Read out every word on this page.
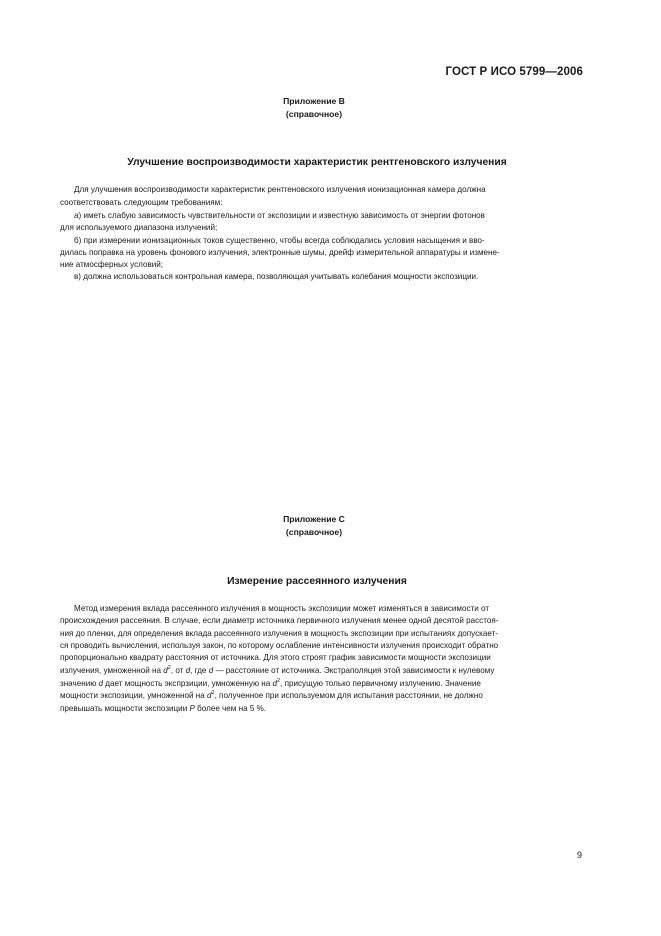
ГОСТ Р ИСО 5799—2006
Приложение В
(справочное)
Улучшение воспроизводимости характеристик рентгеновского излучения
Для улучшения воспроизводимости характеристик рентгеновского излучения ионизационная камера должна
соответствовать следующим требованиям:
а) иметь слабую зависимость чувствительности от экспозиции и известную зависимость от энергии фотонов
для используемого диапазона излучений;
б) при измерении ионизационных токов существенно, чтобы всегда соблюдались условия насыщения и вво-
дилась поправка на уровень фонового излучения, электронные шумы, дрейф измерительной аппаратуры и измене-
ние атмосферных условий;
в) должна использоваться контрольная камера, позволяющая учитывать колебания мощности экспозиции.
Приложение С
(справочное)
Измерение рассеянного излучения
Метод измерения вклада рассеянного излучения в мощность экспозиции может изменяться в зависимости от
происхождения рассеяния. В случае, если диаметр источника первичного излучения менее одной десятой расстоя-
ния до пленки, для определения вклада рассеянного излучения в мощность экспозиции при испытаниях допускает-
ся проводить вычисления, используя закон, по которому ослабление интенсивности излучения происходит обратно
пропорционально квадрату расстояния от источника. Для этого строят график зависимости мощности экспозиции
излучения, умноженной на $d^2$, от d, где d — расстояние от источника. Экстраполяция этой зависимости к нулевому
значению d дает мощность экспрзиции, умноженную на $d^2$, присущую только первичному излучению. Значение
мощности экспозиции, умноженной на $d^2$, полученное при используемом для испытания расстоянии, не должно
превышать мощности экспозиции P более чем на 5 %.
9
